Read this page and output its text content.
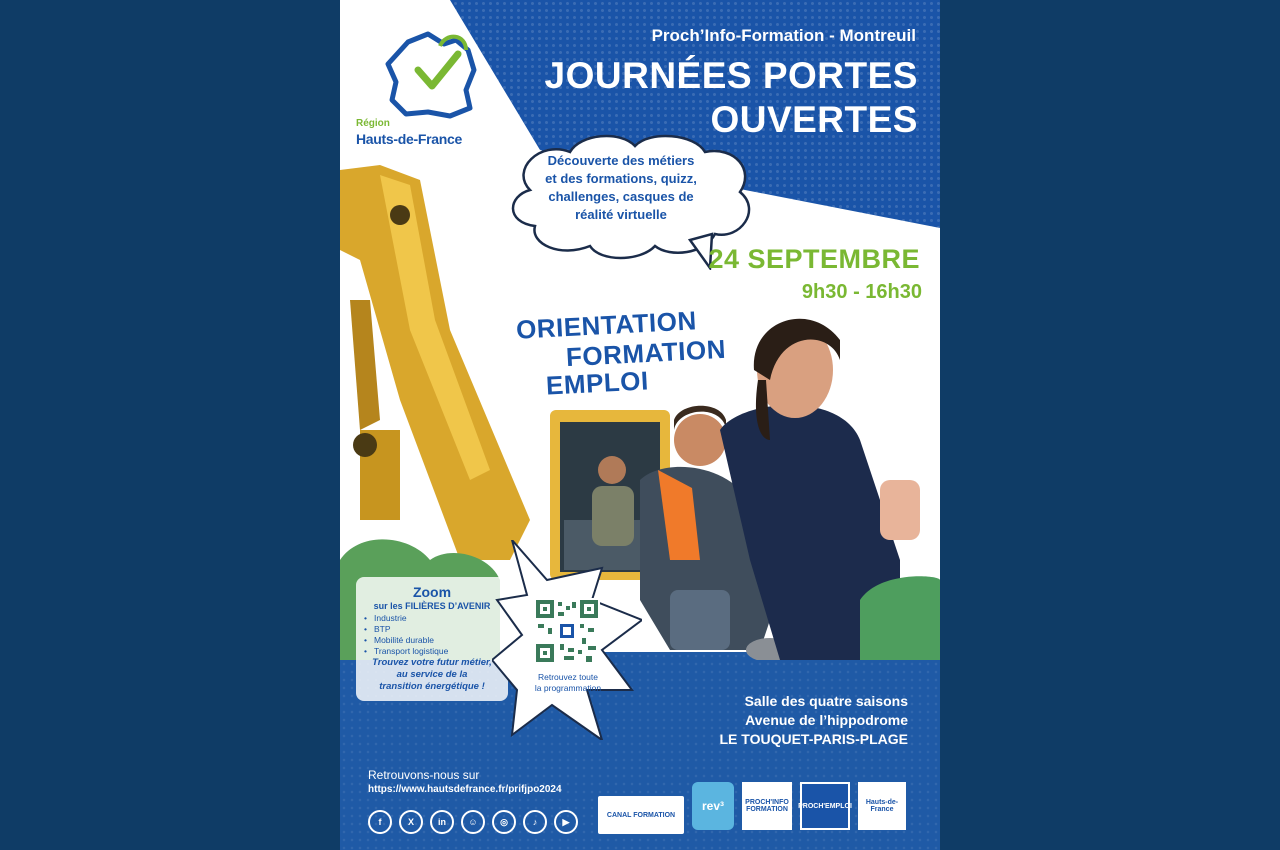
Région
Hauts-de-France
Proch’Info-Formation - Montreuil
JOURNÉES PORTES
OUVERTES
Découverte des métiers
et des formations, quizz,
challenges, casques de
réalité virtuelle
24 SEPTEMBRE
9h30 - 16h30
ORIENTATION
FORMATION
EMPLOI
Zoom
sur les FILIÈRES D’AVENIR
• Industrie
• BTP
• Mobilité durable
• Transport logistique
Trouvez votre futur métier,
au service de la
transition énergétique !
Retrouvez toute
la programmation
Salle des quatre saisons
Avenue de l’hippodrome
LE TOUQUET-PARIS-PLAGE
Retrouvons-nous sur
https://www.hautsdefrance.fr/prifjpo2024
f	X	in	☺	◎	♪	▶
CANAL FORMATION
rev³	PROCH'INFO FORMATION	PROCH'EMPLOI	Hauts-de-France
